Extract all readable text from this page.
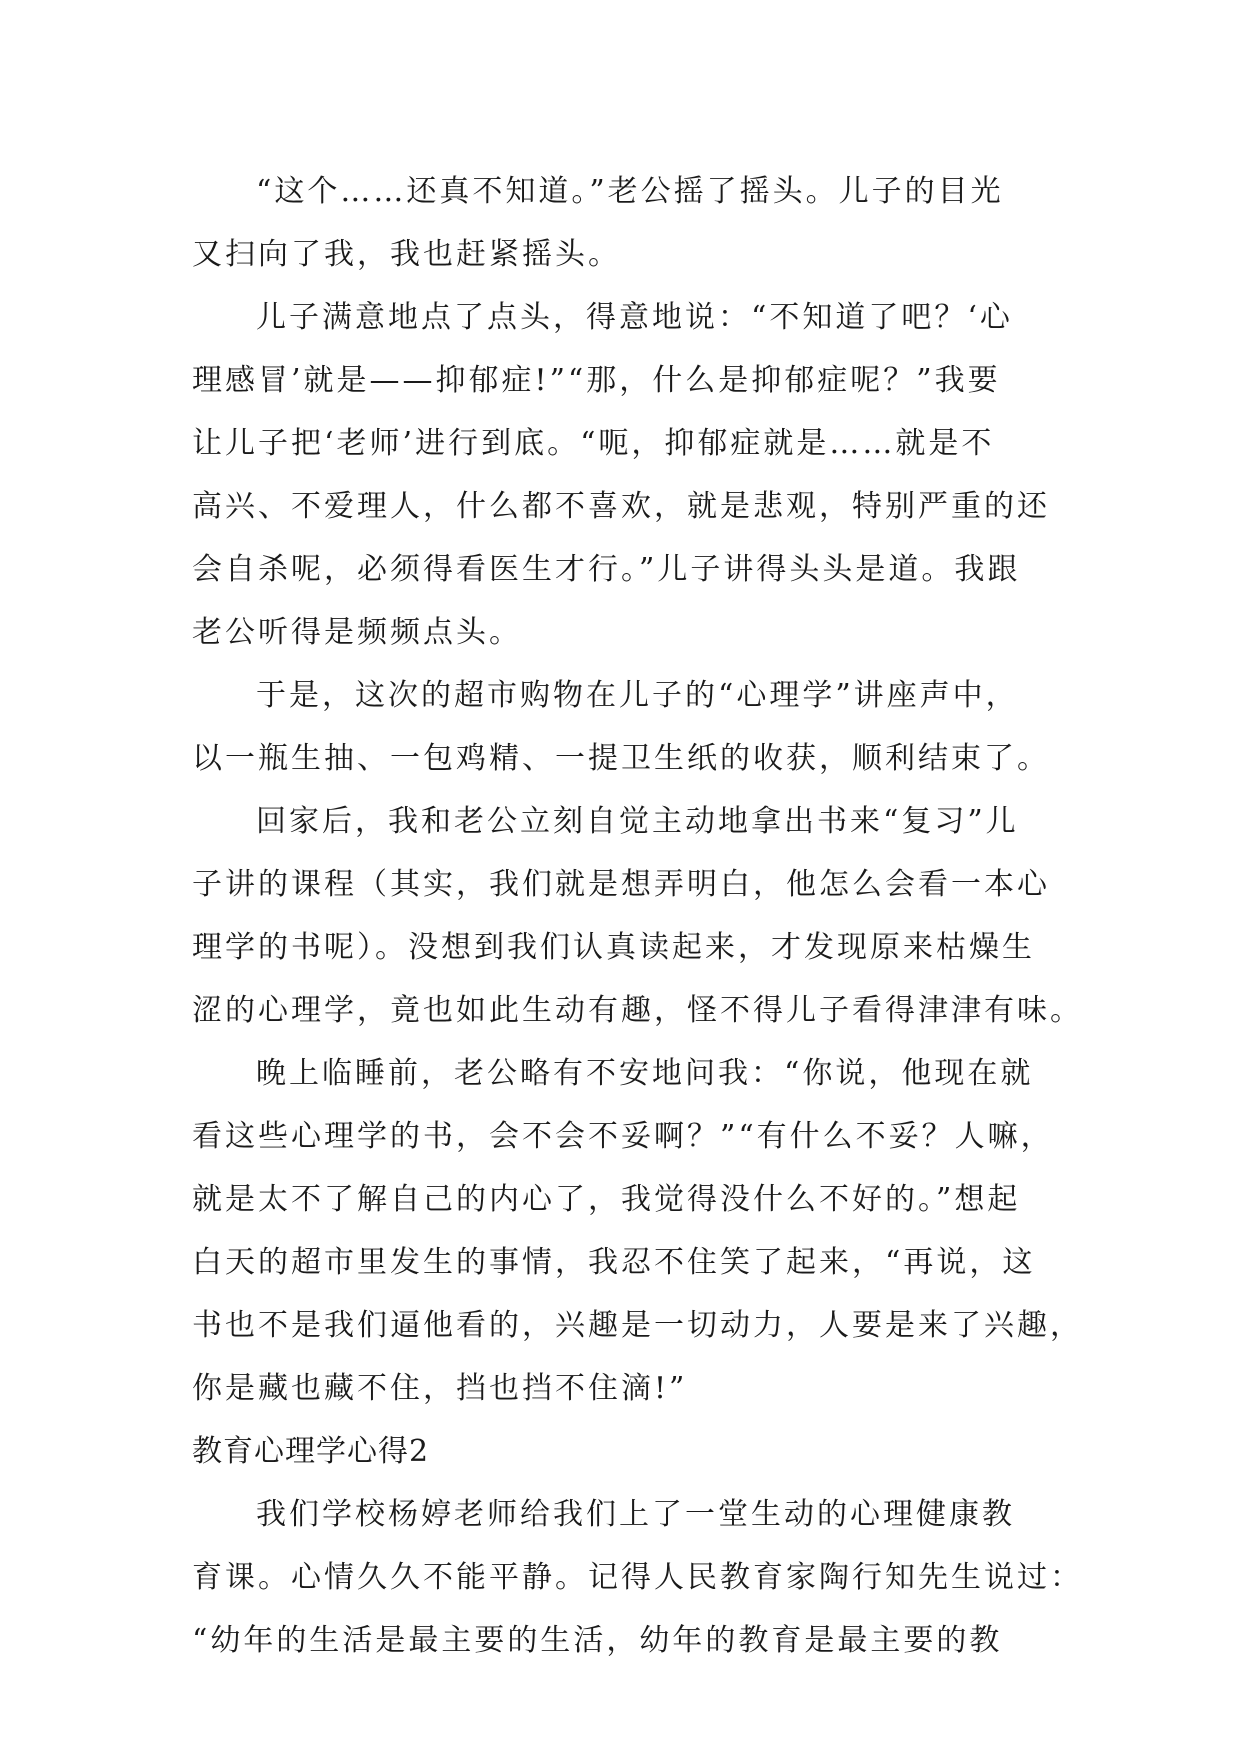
“这个……还真不知道。”老公摇了摇头。儿子的目光
又扫向了我，我也赶紧摇头。
儿子满意地点了点头，得意地说：“不知道了吧？‘心
理感冒’就是——抑郁症!”“那，什么是抑郁症呢？”我要
让儿子把‘老师’进行到底。“呃，抑郁症就是……就是不
高兴、不爱理人，什么都不喜欢，就是悲观，特别严重的还
会自杀呢，必须得看医生才行。”儿子讲得头头是道。我跟
老公听得是频频点头。
于是，这次的超市购物在儿子的“心理学”讲座声中，
以一瓶生抽、一包鸡精、一提卫生纸的收获，顺利结束了。
回家后，我和老公立刻自觉主动地拿出书来“复习”儿
子讲的课程（其实，我们就是想弄明白，他怎么会看一本心
理学的书呢）。没想到我们认真读起来，才发现原来枯燥生
涩的心理学，竟也如此生动有趣，怪不得儿子看得津津有味。
晚上临睡前，老公略有不安地问我：“你说，他现在就
看这些心理学的书，会不会不妥啊？”“有什么不妥？人嘛，
就是太不了解自己的内心了，我觉得没什么不好的。”想起
白天的超市里发生的事情，我忍不住笑了起来，“再说，这
书也不是我们逼他看的，兴趣是一切动力，人要是来了兴趣，
你是藏也藏不住，挡也挡不住滴!”
教育心理学心得2
我们学校杨婷老师给我们上了一堂生动的心理健康教
育课。心情久久不能平静。记得人民教育家陶行知先生说过：
“幼年的生活是最主要的生活，幼年的教育是最主要的教
